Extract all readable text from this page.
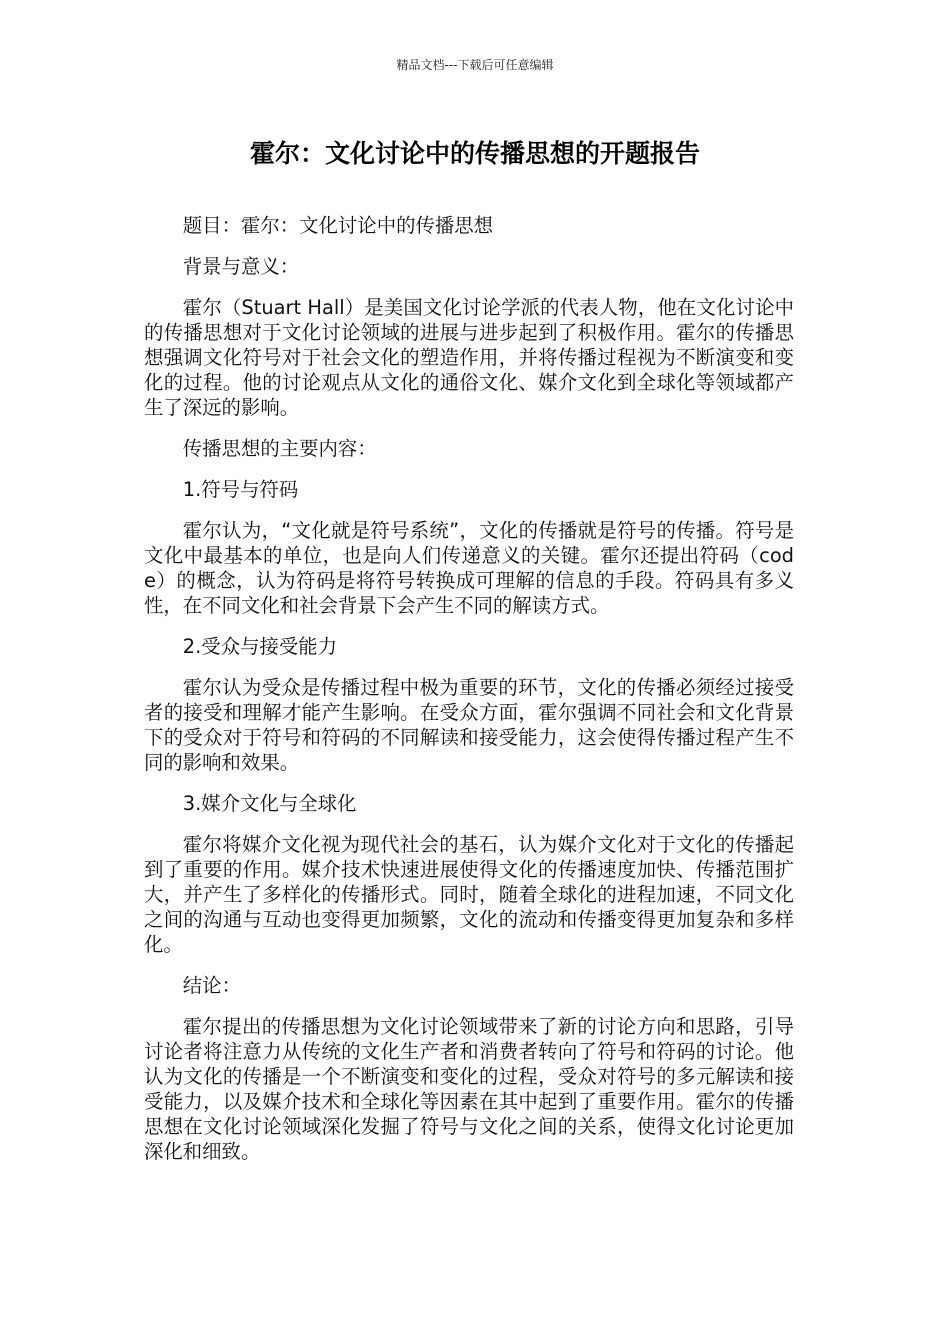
精品文档---下载后可任意编辑
霍尔：文化讨论中的传播思想的开题报告

题目：霍尔：文化讨论中的传播思想

背景与意义：

霍尔（Stuart Hall）是美国文化讨论学派的代表人物，他在文化讨论中的传播思想对于文化讨论领域的进展与进步起到了积极作用。霍尔的传播思想强调文化符号对于社会文化的塑造作用，并将传播过程视为不断演变和变化的过程。他的讨论观点从文化的通俗文化、媒介文化到全球化等领域都产生了深远的影响。

传播思想的主要内容：

1.符号与符码

霍尔认为，“文化就是符号系统”，文化的传播就是符号的传播。符号是文化中最基本的单位，也是向人们传递意义的关键。霍尔还提出符码（code）的概念，认为符码是将符号转换成可理解的信息的手段。符码具有多义性，在不同文化和社会背景下会产生不同的解读方式。

2.受众与接受能力

霍尔认为受众是传播过程中极为重要的环节，文化的传播必须经过接受者的接受和理解才能产生影响。在受众方面，霍尔强调不同社会和文化背景下的受众对于符号和符码的不同解读和接受能力，这会使得传播过程产生不同的影响和效果。

3.媒介文化与全球化

霍尔将媒介文化视为现代社会的基石，认为媒介文化对于文化的传播起到了重要的作用。媒介技术快速进展使得文化的传播速度加快、传播范围扩大，并产生了多样化的传播形式。同时，随着全球化的进程加速，不同文化之间的沟通与互动也变得更加频繁，文化的流动和传播变得更加复杂和多样化。

结论：

霍尔提出的传播思想为文化讨论领域带来了新的讨论方向和思路，引导讨论者将注意力从传统的文化生产者和消费者转向了符号和符码的讨论。他认为文化的传播是一个不断演变和变化的过程，受众对符号的多元解读和接受能力，以及媒介技术和全球化等因素在其中起到了重要作用。霍尔的传播思想在文化讨论领域深化发掘了符号与文化之间的关系，使得文化讨论更加深化和细致。
